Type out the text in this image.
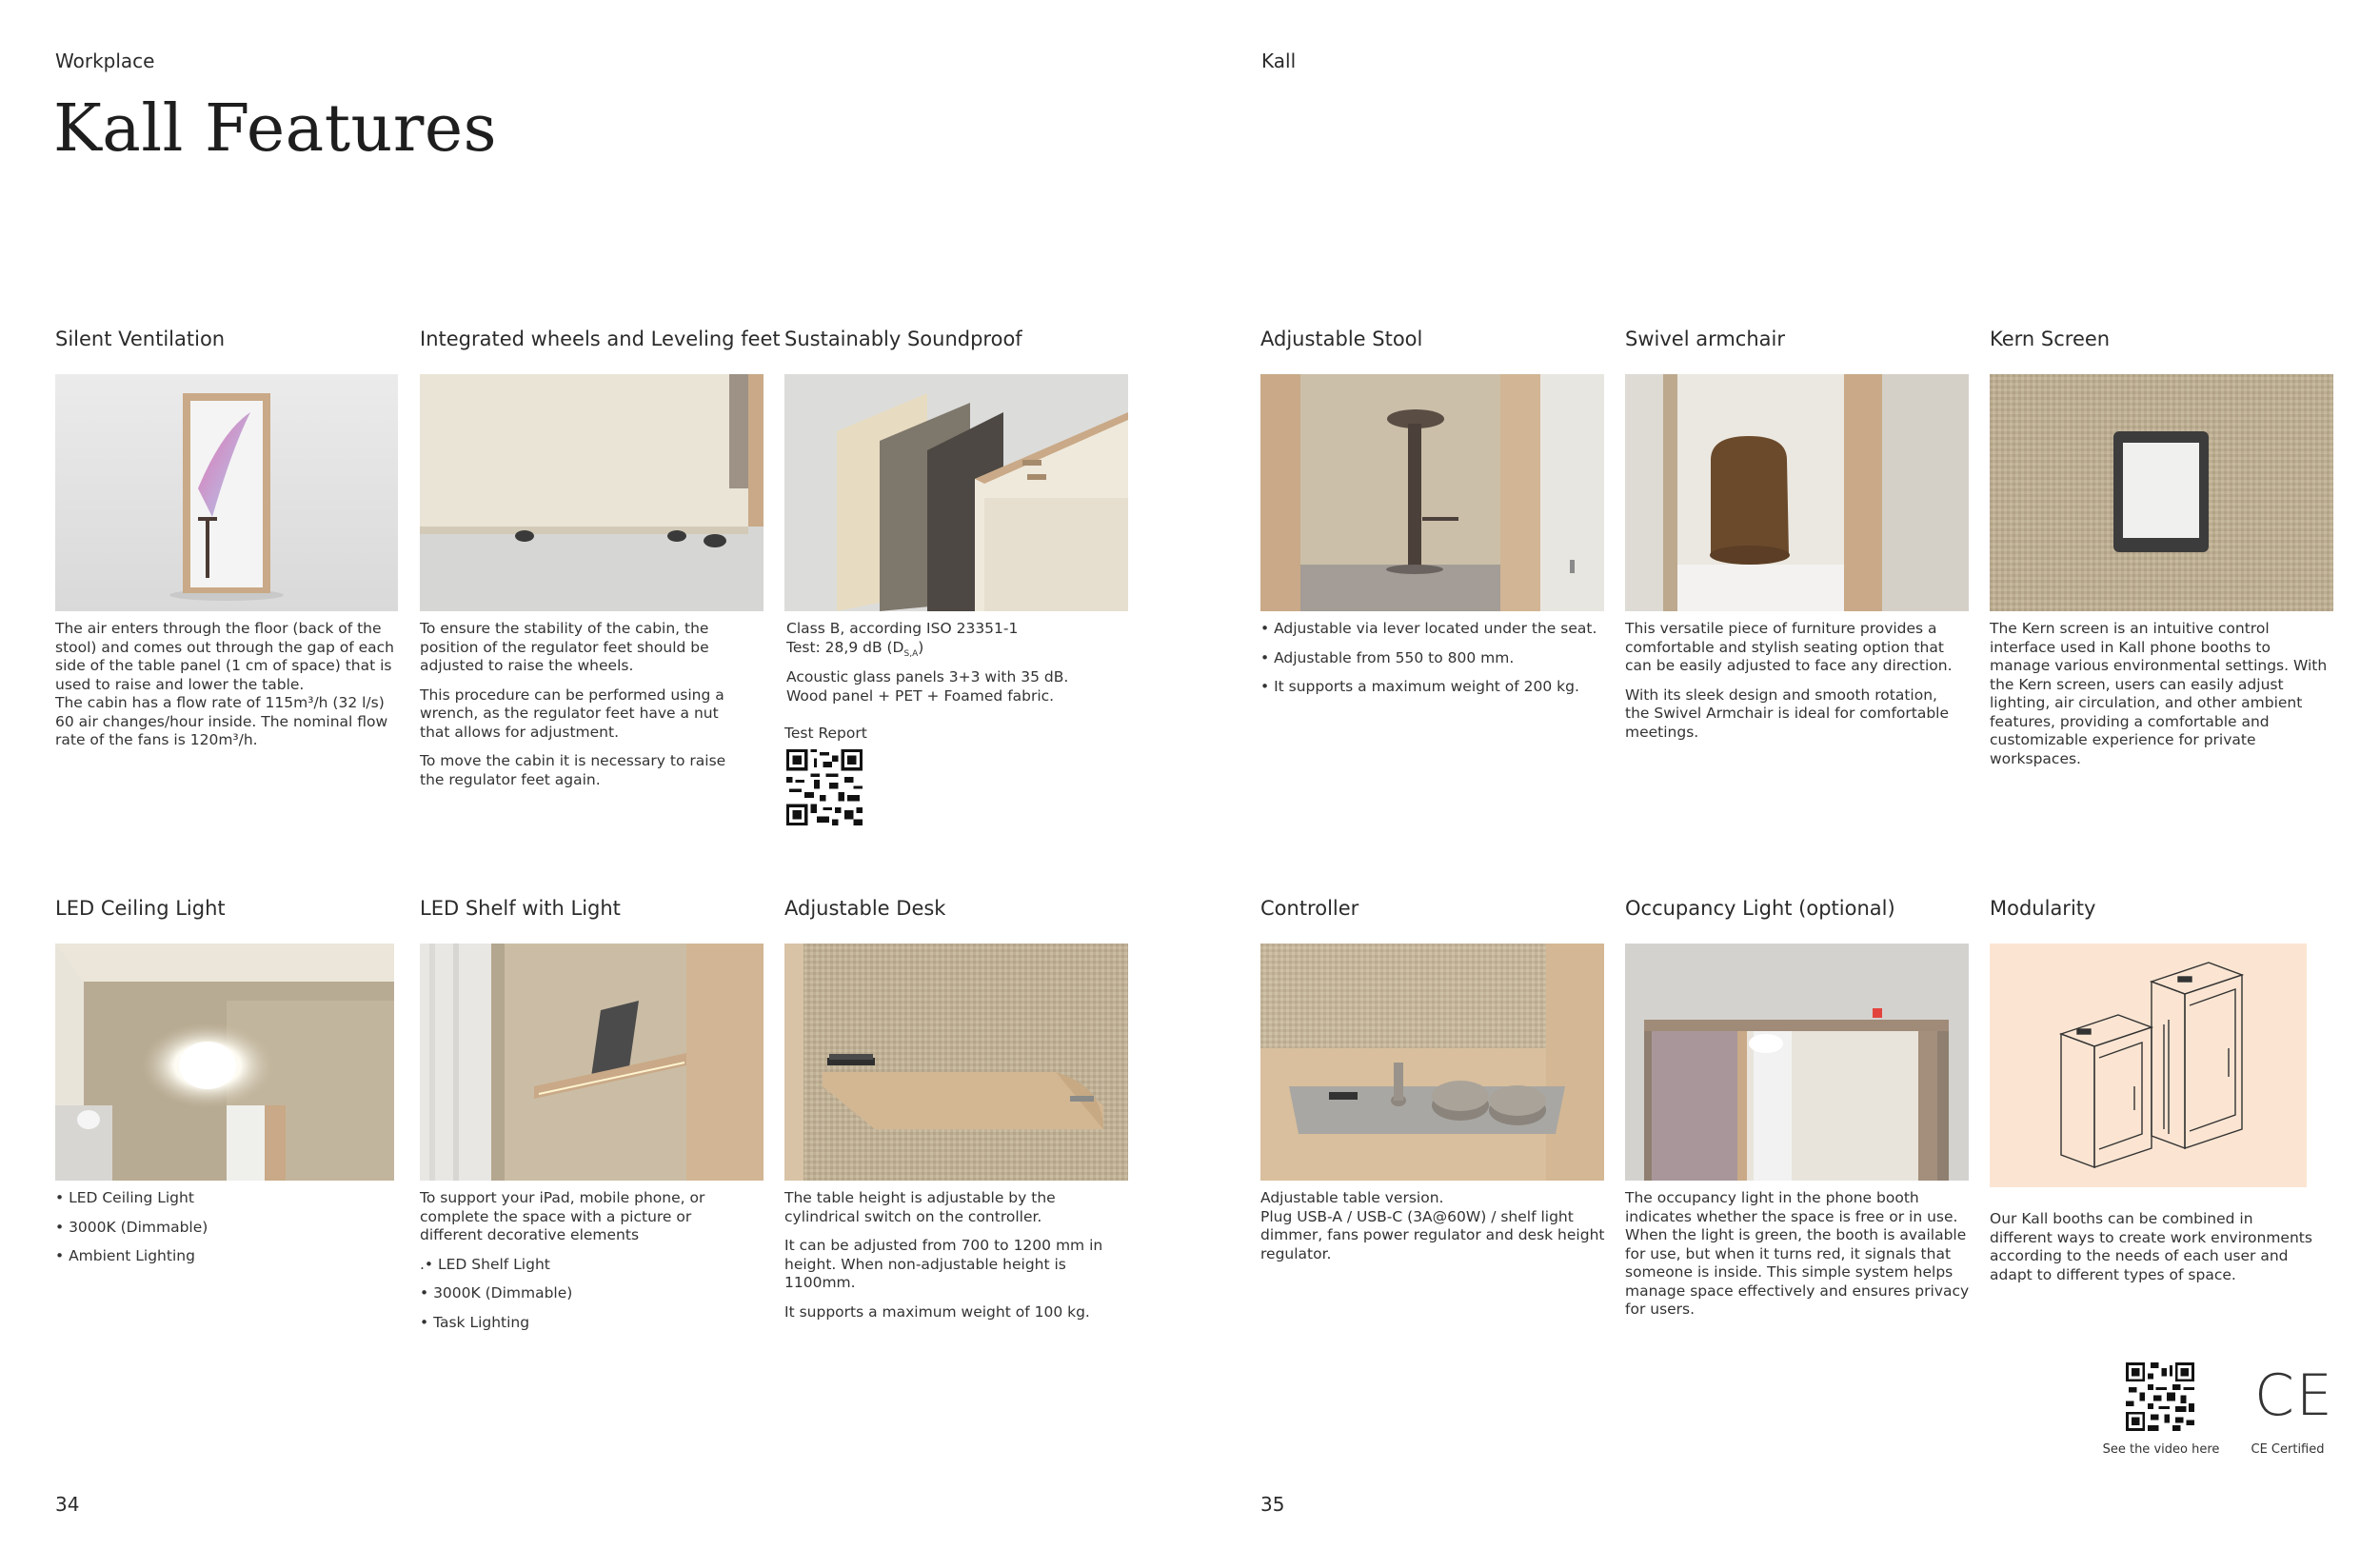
Workplace
Kall Features
Kall
Silent Ventilation

The air enters through the floor (back of the stool) and comes out through the gap of each side of the table panel (1 cm of space) that is used to raise and lower the table.
The cabin has a flow rate of 115m³/h (32 l/s) 60 air changes/hour inside. The nominal flow rate of the fans is 120m³/h.

Integrated wheels and Leveling feet

To ensure the stability of the cabin, the position of the regulator feet should be adjusted to raise the wheels.

This procedure can be performed using a wrench, as the regulator feet have a nut that allows for adjustment.

To move the cabin it is necessary to raise the regulator feet again.

Sustainably Soundproof

Class B, according ISO 23351-1
Test: 28,9 dB $(D_{S,A})$

Acoustic glass panels 3+3 with 35 dB.
Wood panel + PET + Foamed fabric.

Test Report
Adjustable Stool

• Adjustable via lever located under the seat.

• Adjustable from 550 to 800 mm.

• It supports a maximum weight of 200 kg.

Swivel armchair

This versatile piece of furniture provides a comfortable and stylish seating option that can be easily adjusted to face any direction.

With its sleek design and smooth rotation, the Swivel Armchair is ideal for comfortable meetings.

Kern Screen

The Kern screen is an intuitive control interface used in Kall phone booths to manage various environmental settings. With the Kern screen, users can easily adjust lighting, air circulation, and other ambient features, providing a comfortable and customizable experience for private workspaces.

LED Ceiling Light

• LED Ceiling Light

• 3000K (Dimmable)

• Ambient Lighting

LED Shelf with Light

To support your iPad, mobile phone, or complete the space with a picture or different decorative elements

.• LED Shelf Light

• 3000K (Dimmable)

• Task Lighting

Adjustable Desk

The table height is adjustable by the cylindrical switch on the controller.

It can be adjusted from 700 to 1200 mm in height. When non-adjustable height is 1100mm.

It supports a maximum weight of 100 kg.

Controller

Adjustable table version.
Plug USB-A / USB-C (3A@60W) / shelf light dimmer, fans power regulator and desk height regulator.

Occupancy Light (optional)

The occupancy light in the phone booth indicates whether the space is free or in use. When the light is green, the booth is available for use, but when it turns red, it signals that someone is inside. This simple system helps manage space effectively and ensures privacy for users.

Modularity

Our Kall booths can be combined in different ways to create work environments according to the needs of each user and adapt to different types of space.

See the video here
CE
CE Certified
34	35
